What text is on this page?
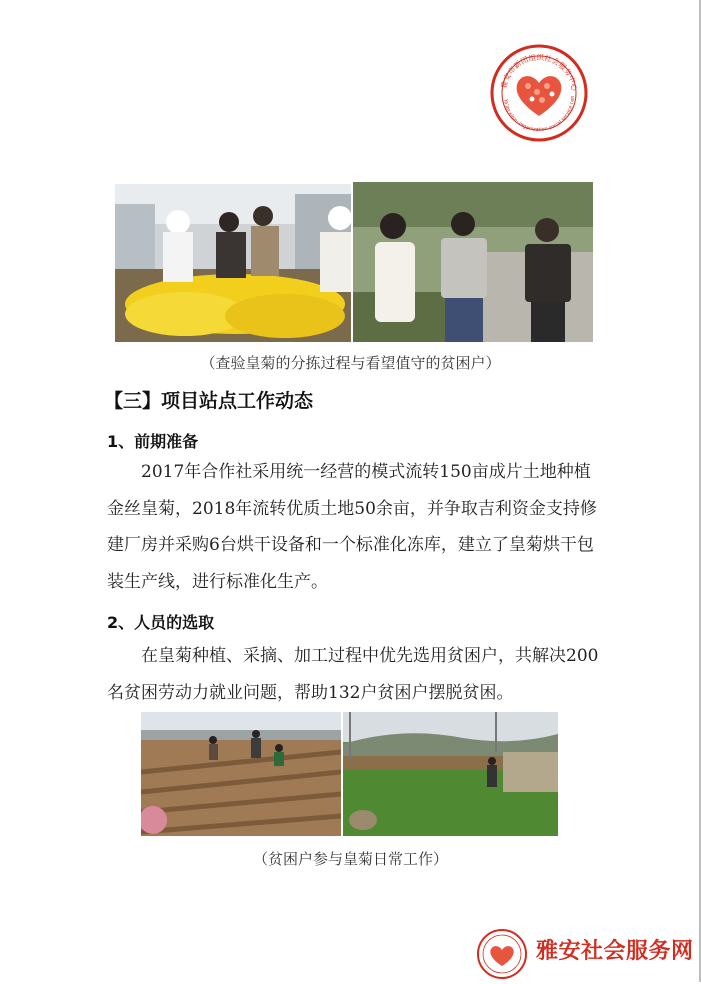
雅安市新团组织社会服务中心
Ya'an xinzu organization social service cen
（查验皇菊的分拣过程与看望值守的贫困户）
【三】项目站点工作动态
1、前期准备

2017年合作社采用统一经营的模式流转150亩成片土地种植金丝皇菊，2018年流转优质土地50余亩，并争取吉利资金支持修建厂房并采购6台烘干设备和一个标准化冻库，建立了皇菊烘干包装生产线，进行标准化生产。

2、人员的选取

在皇菊种植、采摘、加工过程中优先选用贫困户，共解决200名贫困劳动力就业问题，帮助132户贫困户摆脱贫困。

（贫困户参与皇菊日常工作）
雅安社会服务网
